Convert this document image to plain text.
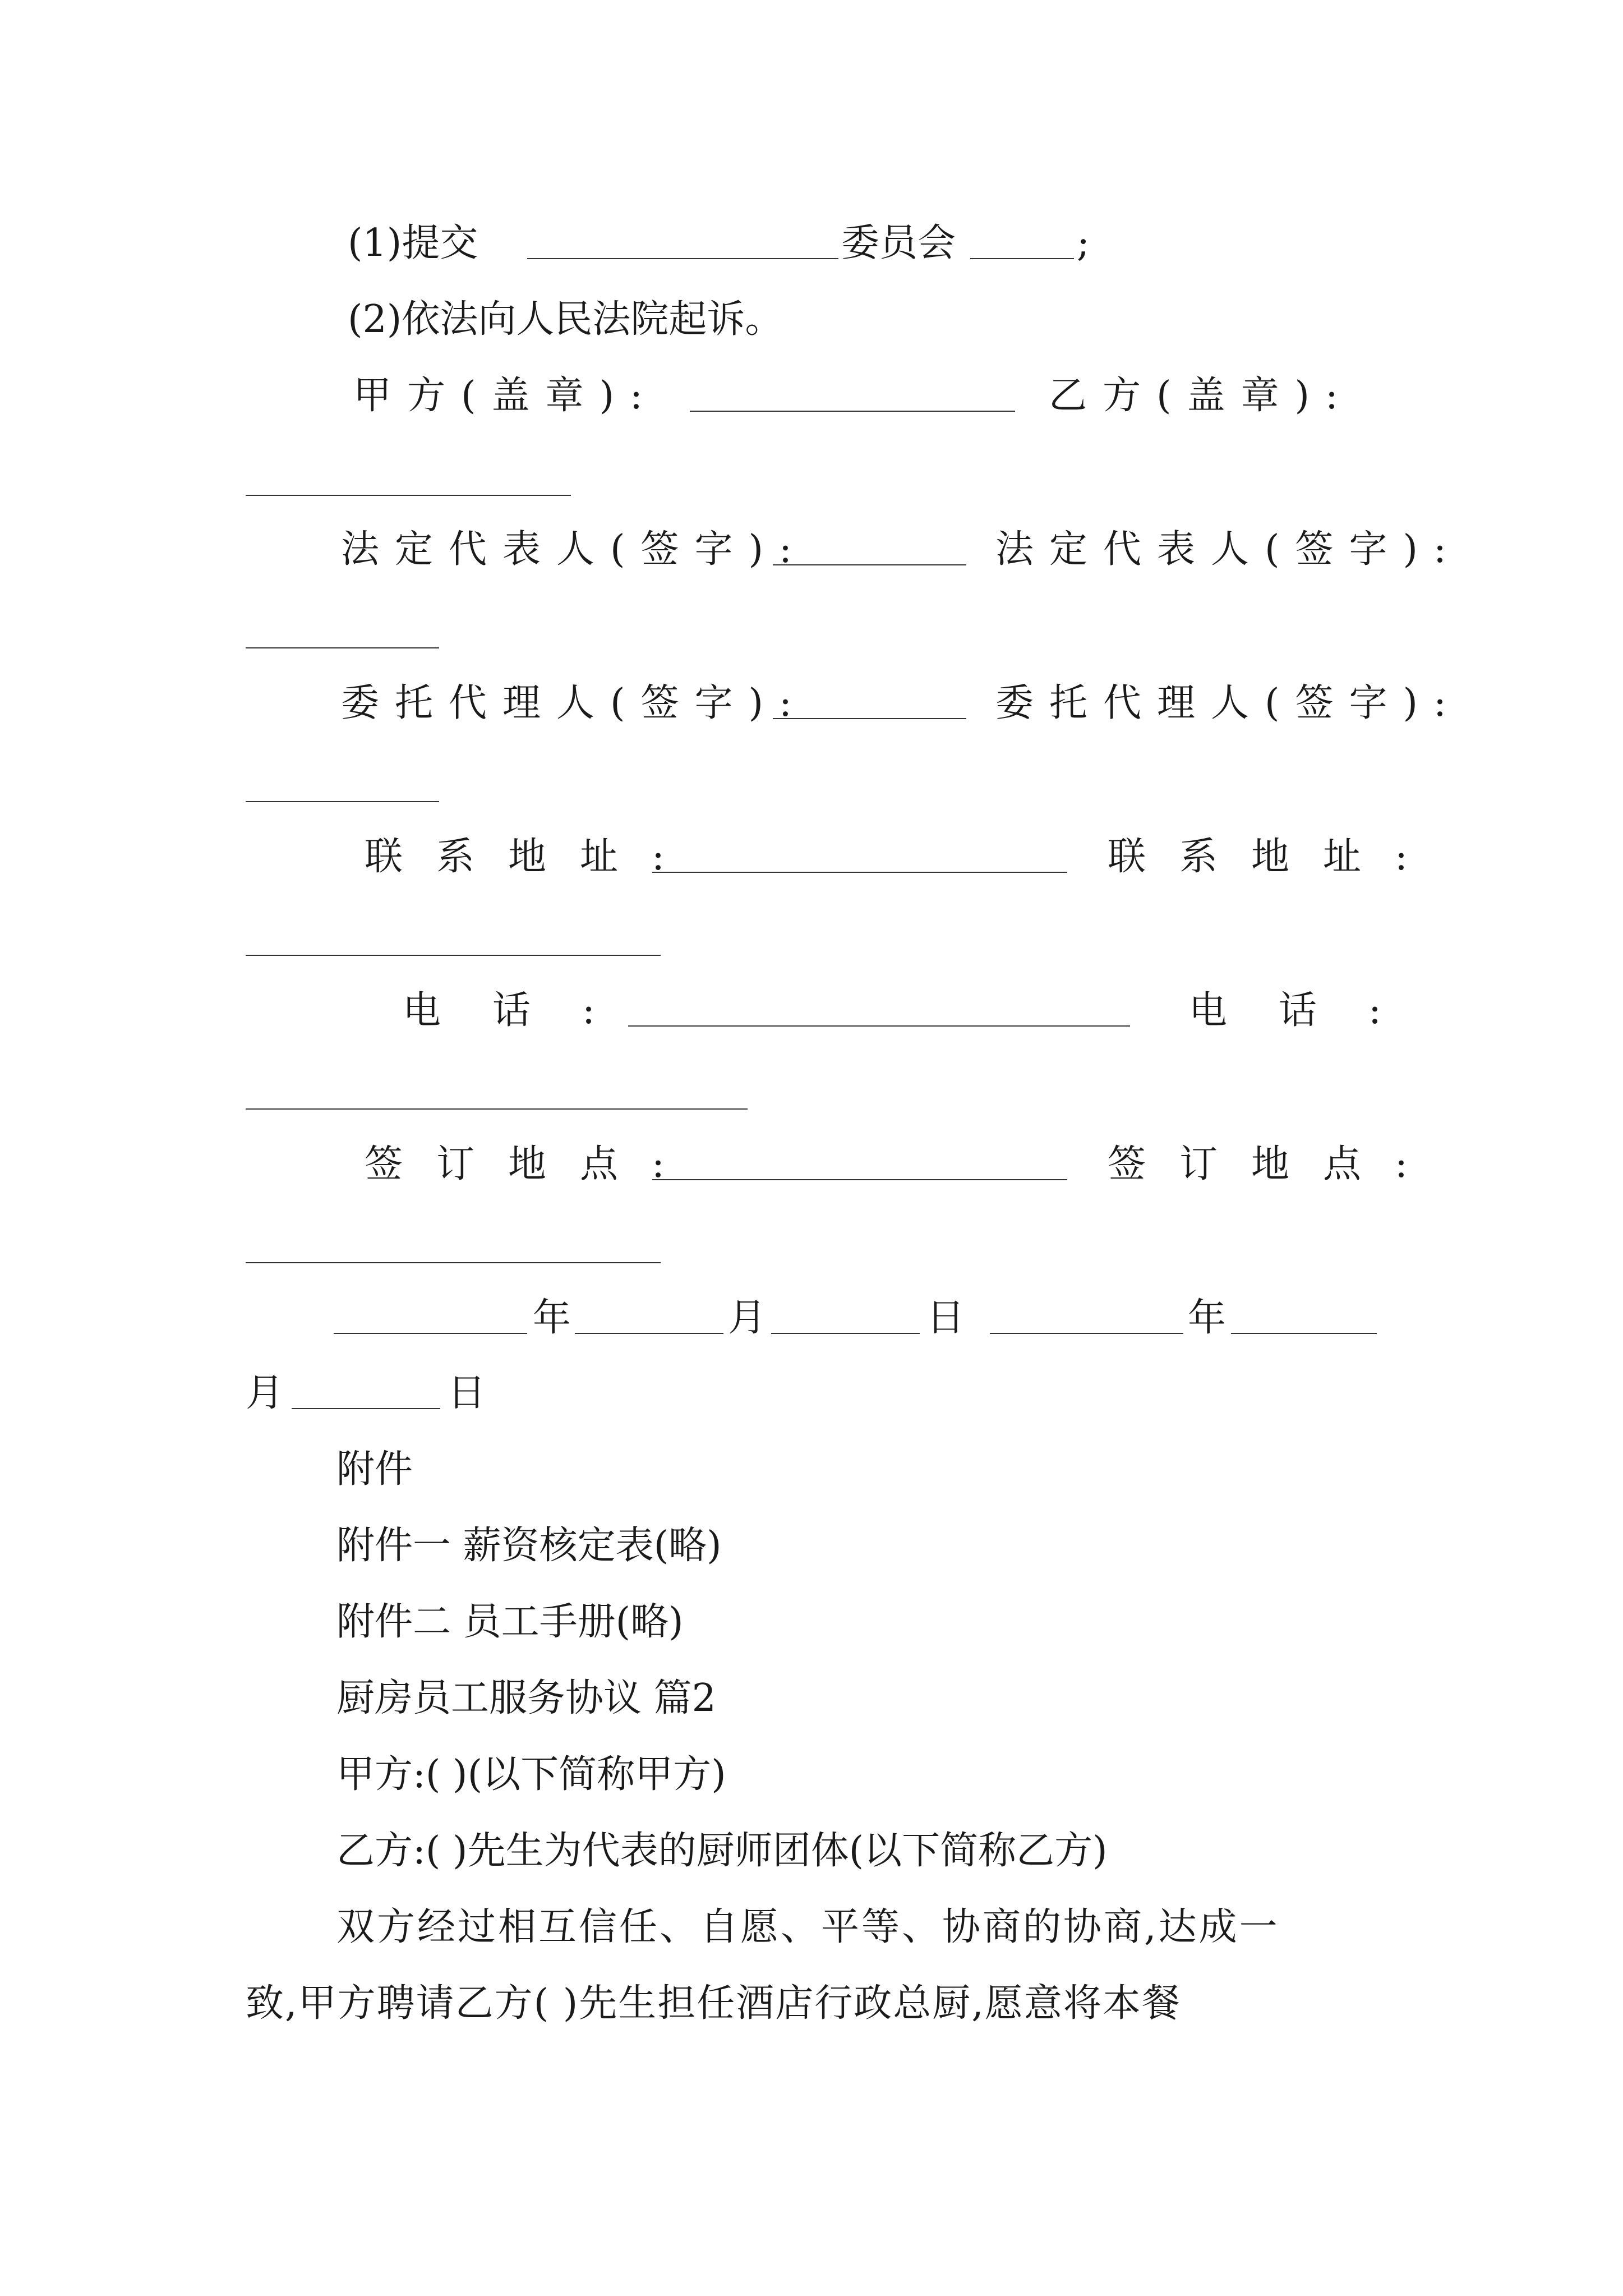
(1)提交	委员会	;
(2)依法向人民法院起诉。
甲方(盖章):	乙方(盖章):
法定代表人(签字):	法定代表人(签字):
委托代理人(签字):	委托代理人(签字):
联系地址:	联系地址:
电话:	电话:
签订地点:	签订地点:
年	月	日	年
月	日
附件
附件一 薪资核定表(略)
附件二 员工手册(略)
厨房员工服务协议 篇2
甲方:( )(以下简称甲方)
乙方:( )先生为代表的厨师团体(以下简称乙方)
双方经过相互信任、自愿、平等、协商的协商,达成一
致,甲方聘请乙方( )先生担任酒店行政总厨,愿意将本餐
